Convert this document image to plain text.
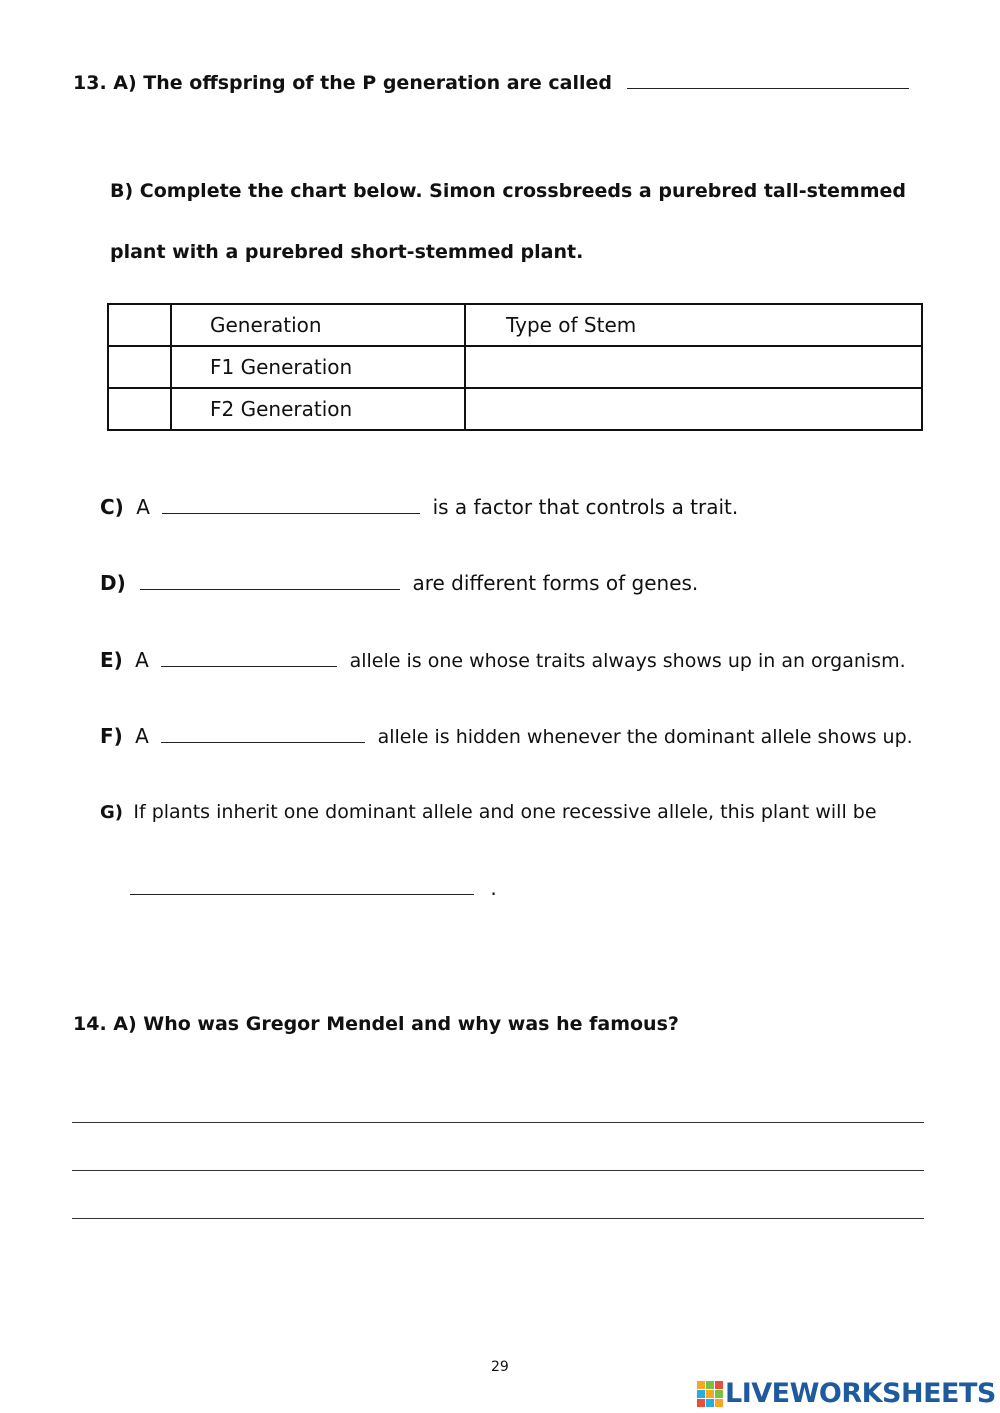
13. A) The offspring of the P generation are called
B) Complete the chart below. Simon crossbreeds a purebred tall-stemmed
plant with a purebred short-stemmed plant.
	Generation	Type of Stem
	F1 Generation	
	F2 Generation	
C) A	is a factor that controls a trait.
D)	are different forms of genes.
E) A	allele is one whose traits always shows up in an organism.
F) A	allele is hidden whenever the dominant allele shows up.
G) If plants inherit one dominant allele and one recessive allele, this plant will be
.
14. A) Who was Gregor Mendel and why was he famous?
29
LIVEWORKSHEETS
